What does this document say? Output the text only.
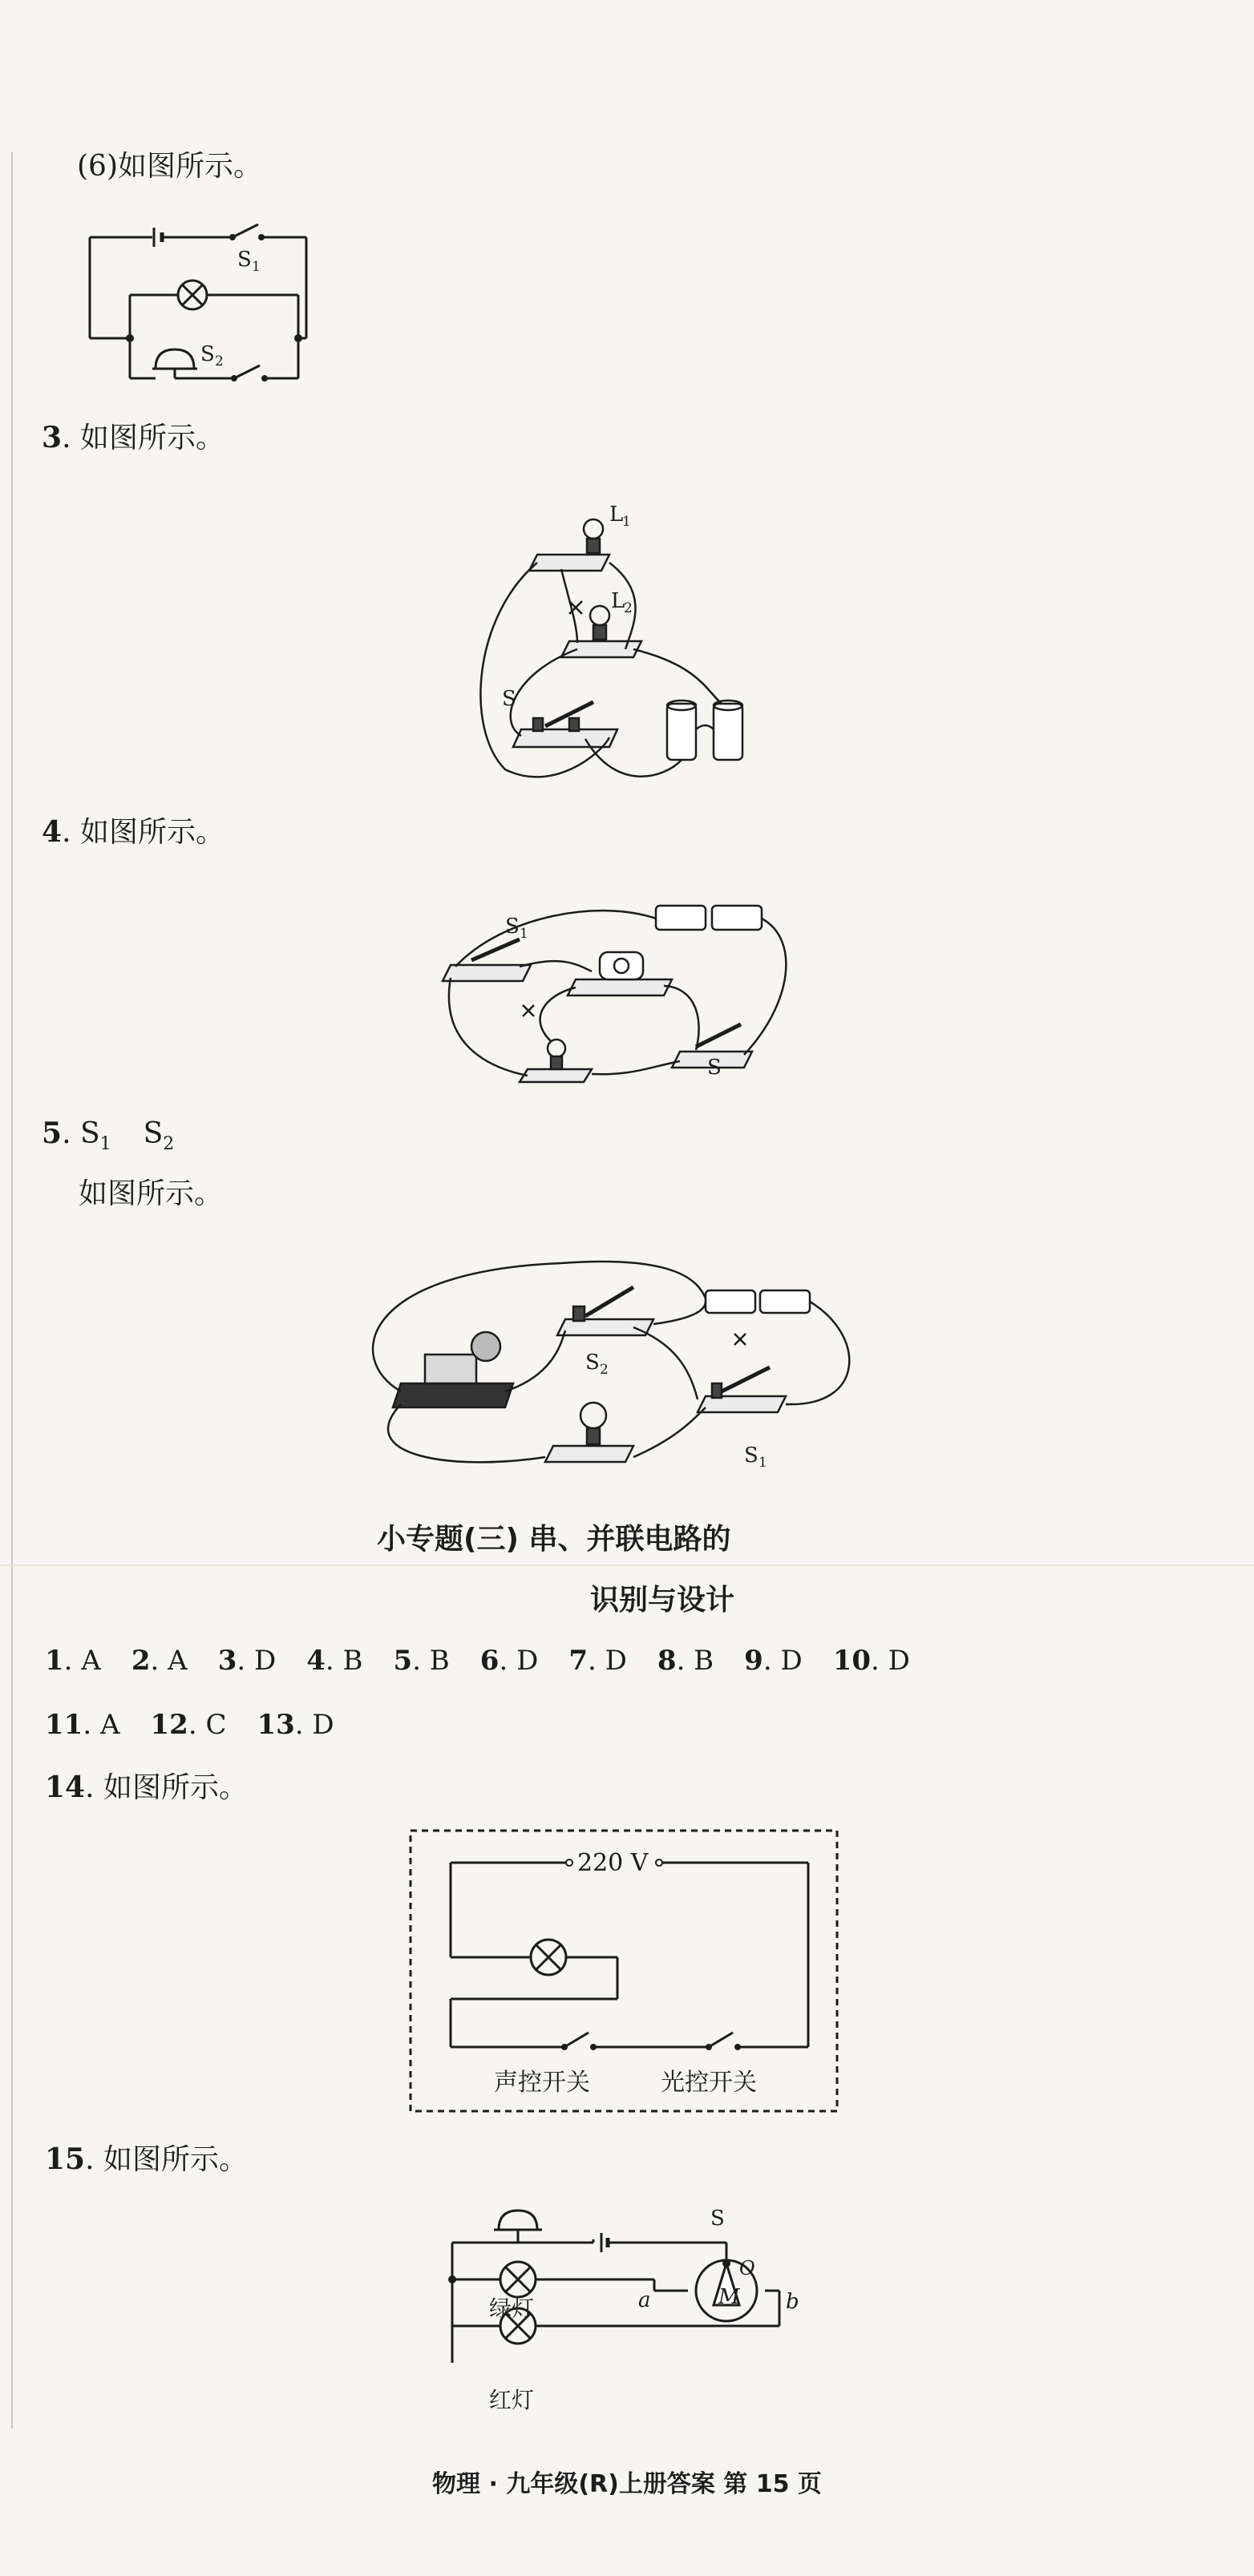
(6)如图所示。
S 1
S 2
3. 如图所示。
L
1
L
2
S
4. 如图所示。
S 1
S
5. $S_1$ $S_2$
如图所示。
S 2
S 1
小专题(三) 串、并联电路的
识别与设计
1. A 2. A 3. D 4. B 5. B 6. D 7. D 8. B 9. D 10. D
11. A 12. C 13. D
14. 如图所示。
220 V
声控开关	光控开关
15. 如图所示。
S
M
O
a	b
绿灯
红灯
物理 · 九年级(R)上册答案 第 15 页
